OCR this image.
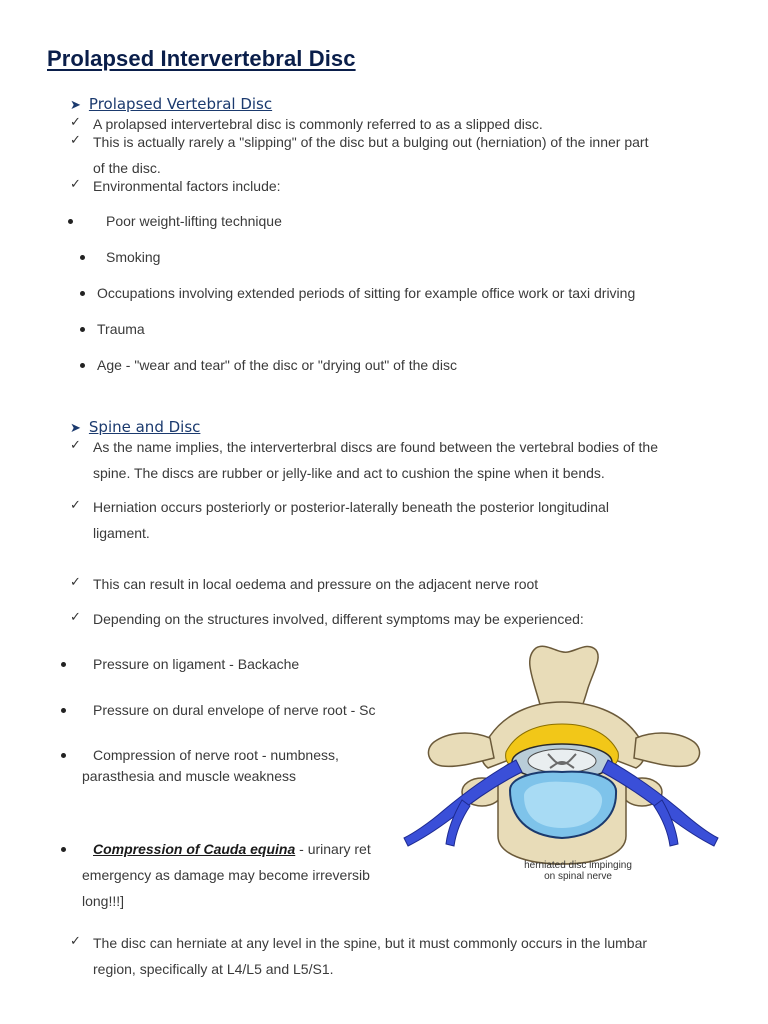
Prolapsed Intervertebral Disc
➤ Prolapsed Vertebral Disc
✓ A prolapsed intervertebral disc is commonly referred to as a slipped disc.
✓ This is actually rarely a "slipping" of the disc but a bulging out (herniation) of the inner part
of the disc.
✓ Environmental factors include:
Poor weight-lifting technique
Smoking
Occupations involving extended periods of sitting for example office work or taxi driving
Trauma
Age - "wear and tear" of the disc or "drying out" of the disc
➤ Spine and Disc
✓ As the name implies, the interverterbral discs are found between the vertebral bodies of the
spine. The discs are rubber or jelly-like and act to cushion the spine when it bends.
✓ Herniation occurs posteriorly or posterior-laterally beneath the posterior longitudinal
ligament.
✓ This can result in local oedema and pressure on the adjacent nerve root
✓ Depending on the structures involved, different symptoms may be experienced:
Pressure on ligament - Backache
Pressure on dural envelope of nerve root - Sc
Compression of nerve root - numbness,
parasthesia and muscle weakness
Compression of Cauda equina - urinary ret
emergency as damage may become irreversib
long!!!]
✓ The disc can herniate at any level in the spine, but it must commonly occurs in the lumbar
region, specifically at L4/L5 and L5/S1.
herniated disc impinging
on spinal nerve
